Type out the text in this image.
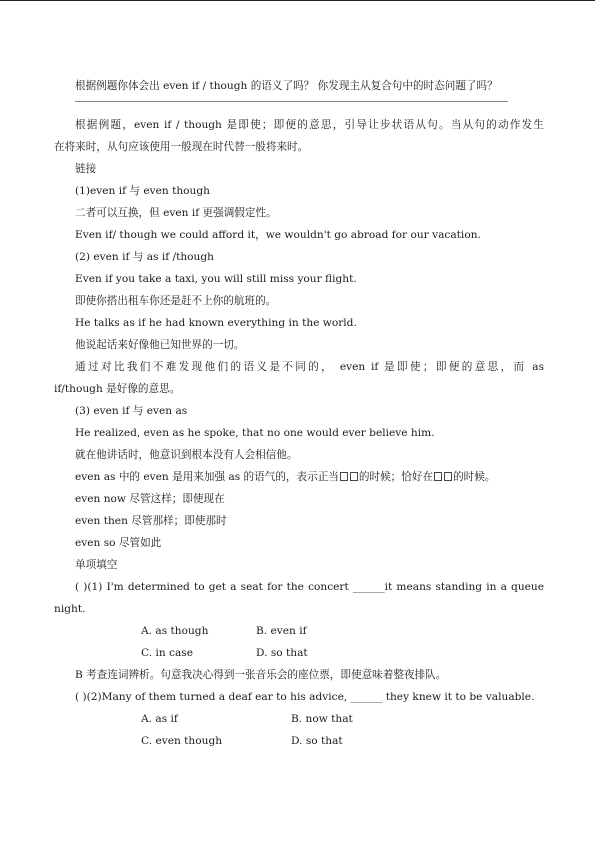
根据例题你体会出 even if / though 的语义了吗？ 你发现主从复合句中的时态问题了吗？
根据例题，even if / though 是即使；即便的意思，引导让步状语从句。当从句的动作发生
在将来时，从句应该使用一般现在时代替一般将来时。
链接
(1)even if 与 even though
二者可以互换，但 even if 更强调假定性。
Even if/ though we could afford it，we wouldn't go abroad for our vacation.
(2) even if 与 as if /though
Even if you take a taxi, you will still miss your flight.
即使你搭出租车你还是赶不上你的航班的。
He talks as if he had known everything in the world.
他说起话来好像他已知世界的一切。
通过对比我们不难发现他们的语义是不同的， even if 是即使；即便的意思，而 as
if/though 是好像的意思。
(3) even if 与 even as
He realized, even as he spoke, that no one would ever believe him.
就在他讲话时，他意识到根本没有人会相信他。
even as 中的 even 是用来加强 as 的语气的，表示正当 的时候；恰好在 的时候。
even now 尽管这样；即使现在
even then 尽管那样；即使那时
even so 尽管如此
单项填空
( )(1) I'm determined to get a seat for the concert ______it means standing in a queue
night.
A. as though	B. even if
C. in case	D. so that
B 考查连词辨析。句意我决心得到一张音乐会的座位票，即使意味着整夜排队。
( )(2)Many of them turned a deaf ear to his advice, ______ they knew it to be valuable.
A. as if	B. now that
C. even though	D. so that
